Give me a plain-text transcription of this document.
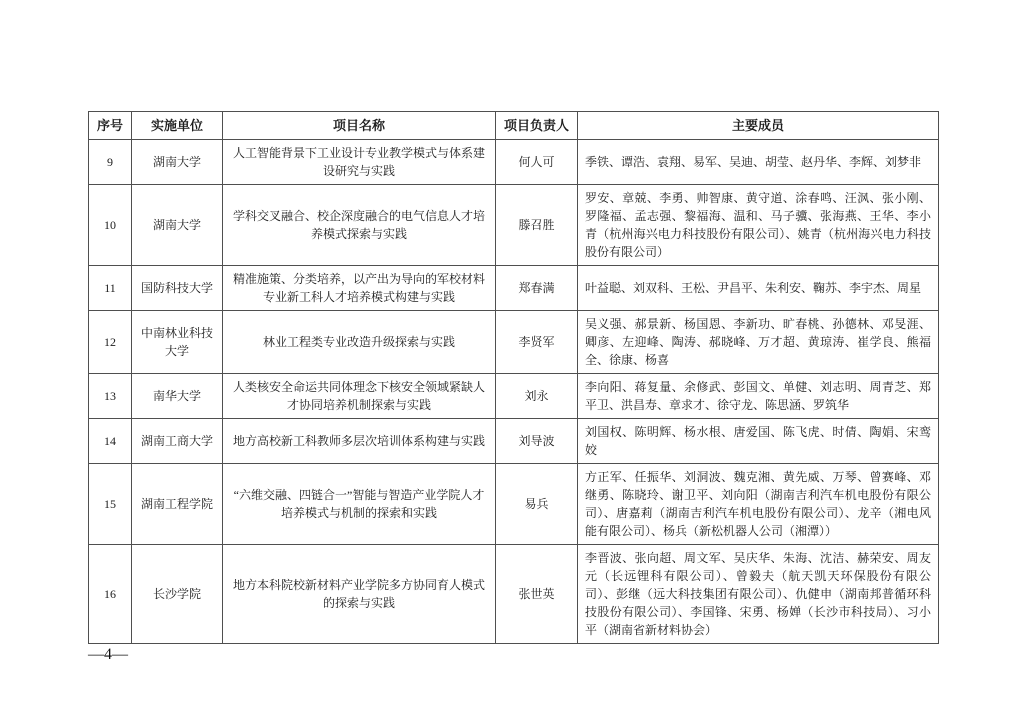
序号	实施单位	项目名称	项目负责人	主要成员
9	湖南大学	人工智能背景下工业设计专业教学模式与体系建设研究与实践	何人可	季铁、谭浩、袁翔、易军、吴迪、胡莹、赵丹华、李辉、刘梦非
10	湖南大学	学科交叉融合、校企深度融合的电气信息人才培养模式探索与实践	滕召胜	罗安、章兢、李勇、帅智康、黄守道、涂春鸣、汪沨、张小刚、罗隆福、孟志强、黎福海、温和、马子骥、张海燕、王华、李小青（杭州海兴电力科技股份有限公司）、姚青（杭州海兴电力科技股份有限公司）
11	国防科技大学	精准施策、分类培养，以产出为导向的军校材料专业新工科人才培养模式构建与实践	郑春满	叶益聪、刘双科、王松、尹昌平、朱利安、鞠苏、李宇杰、周星
12	中南林业科技大学	林业工程类专业改造升级探索与实践	李贤军	吴义强、郝景新、杨国恩、李新功、旷春桃、孙德林、邓旻涯、卿彦、左迎峰、陶涛、郝晓峰、万才超、黄琼涛、崔学良、熊福全、徐康、杨喜
13	南华大学	人类核安全命运共同体理念下核安全领域紧缺人才协同培养机制探索与实践	刘永	李向阳、蒋复量、余修武、彭国文、单健、刘志明、周青芝、郑平卫、洪昌寿、章求才、徐守龙、陈思涵、罗筑华
14	湖南工商大学	地方高校新工科教师多层次培训体系构建与实践	刘导波	刘国权、陈明辉、杨水根、唐爱国、陈飞虎、时倩、陶娟、宋鸾姣
15	湖南工程学院	“六维交融、四链合一”智能与智造产业学院人才培养模式与机制的探索和实践	易兵	方正军、任振华、刘洞波、魏克湘、黄先威、万琴、曾赛峰、邓继勇、陈晓玲、谢卫平、刘向阳（湖南吉利汽车机电股份有限公司）、唐嘉莉（湖南吉利汽车机电股份有限公司）、龙辛（湘电风能有限公司）、杨兵（新松机器人公司（湘潭））
16	长沙学院	地方本科院校新材料产业学院多方协同育人模式的探索与实践	张世英	李晋波、张向超、周文军、吴庆华、朱海、沈洁、赫荣安、周友元（长远锂科有限公司）、曾毅夫（航天凯天环保股份有限公司）、彭继（远大科技集团有限公司）、仇健申（湖南邦普循环科技股份有限公司）、李国锋、宋勇、杨婵（长沙市科技局）、习小平（湖南省新材料协会）
—4—
